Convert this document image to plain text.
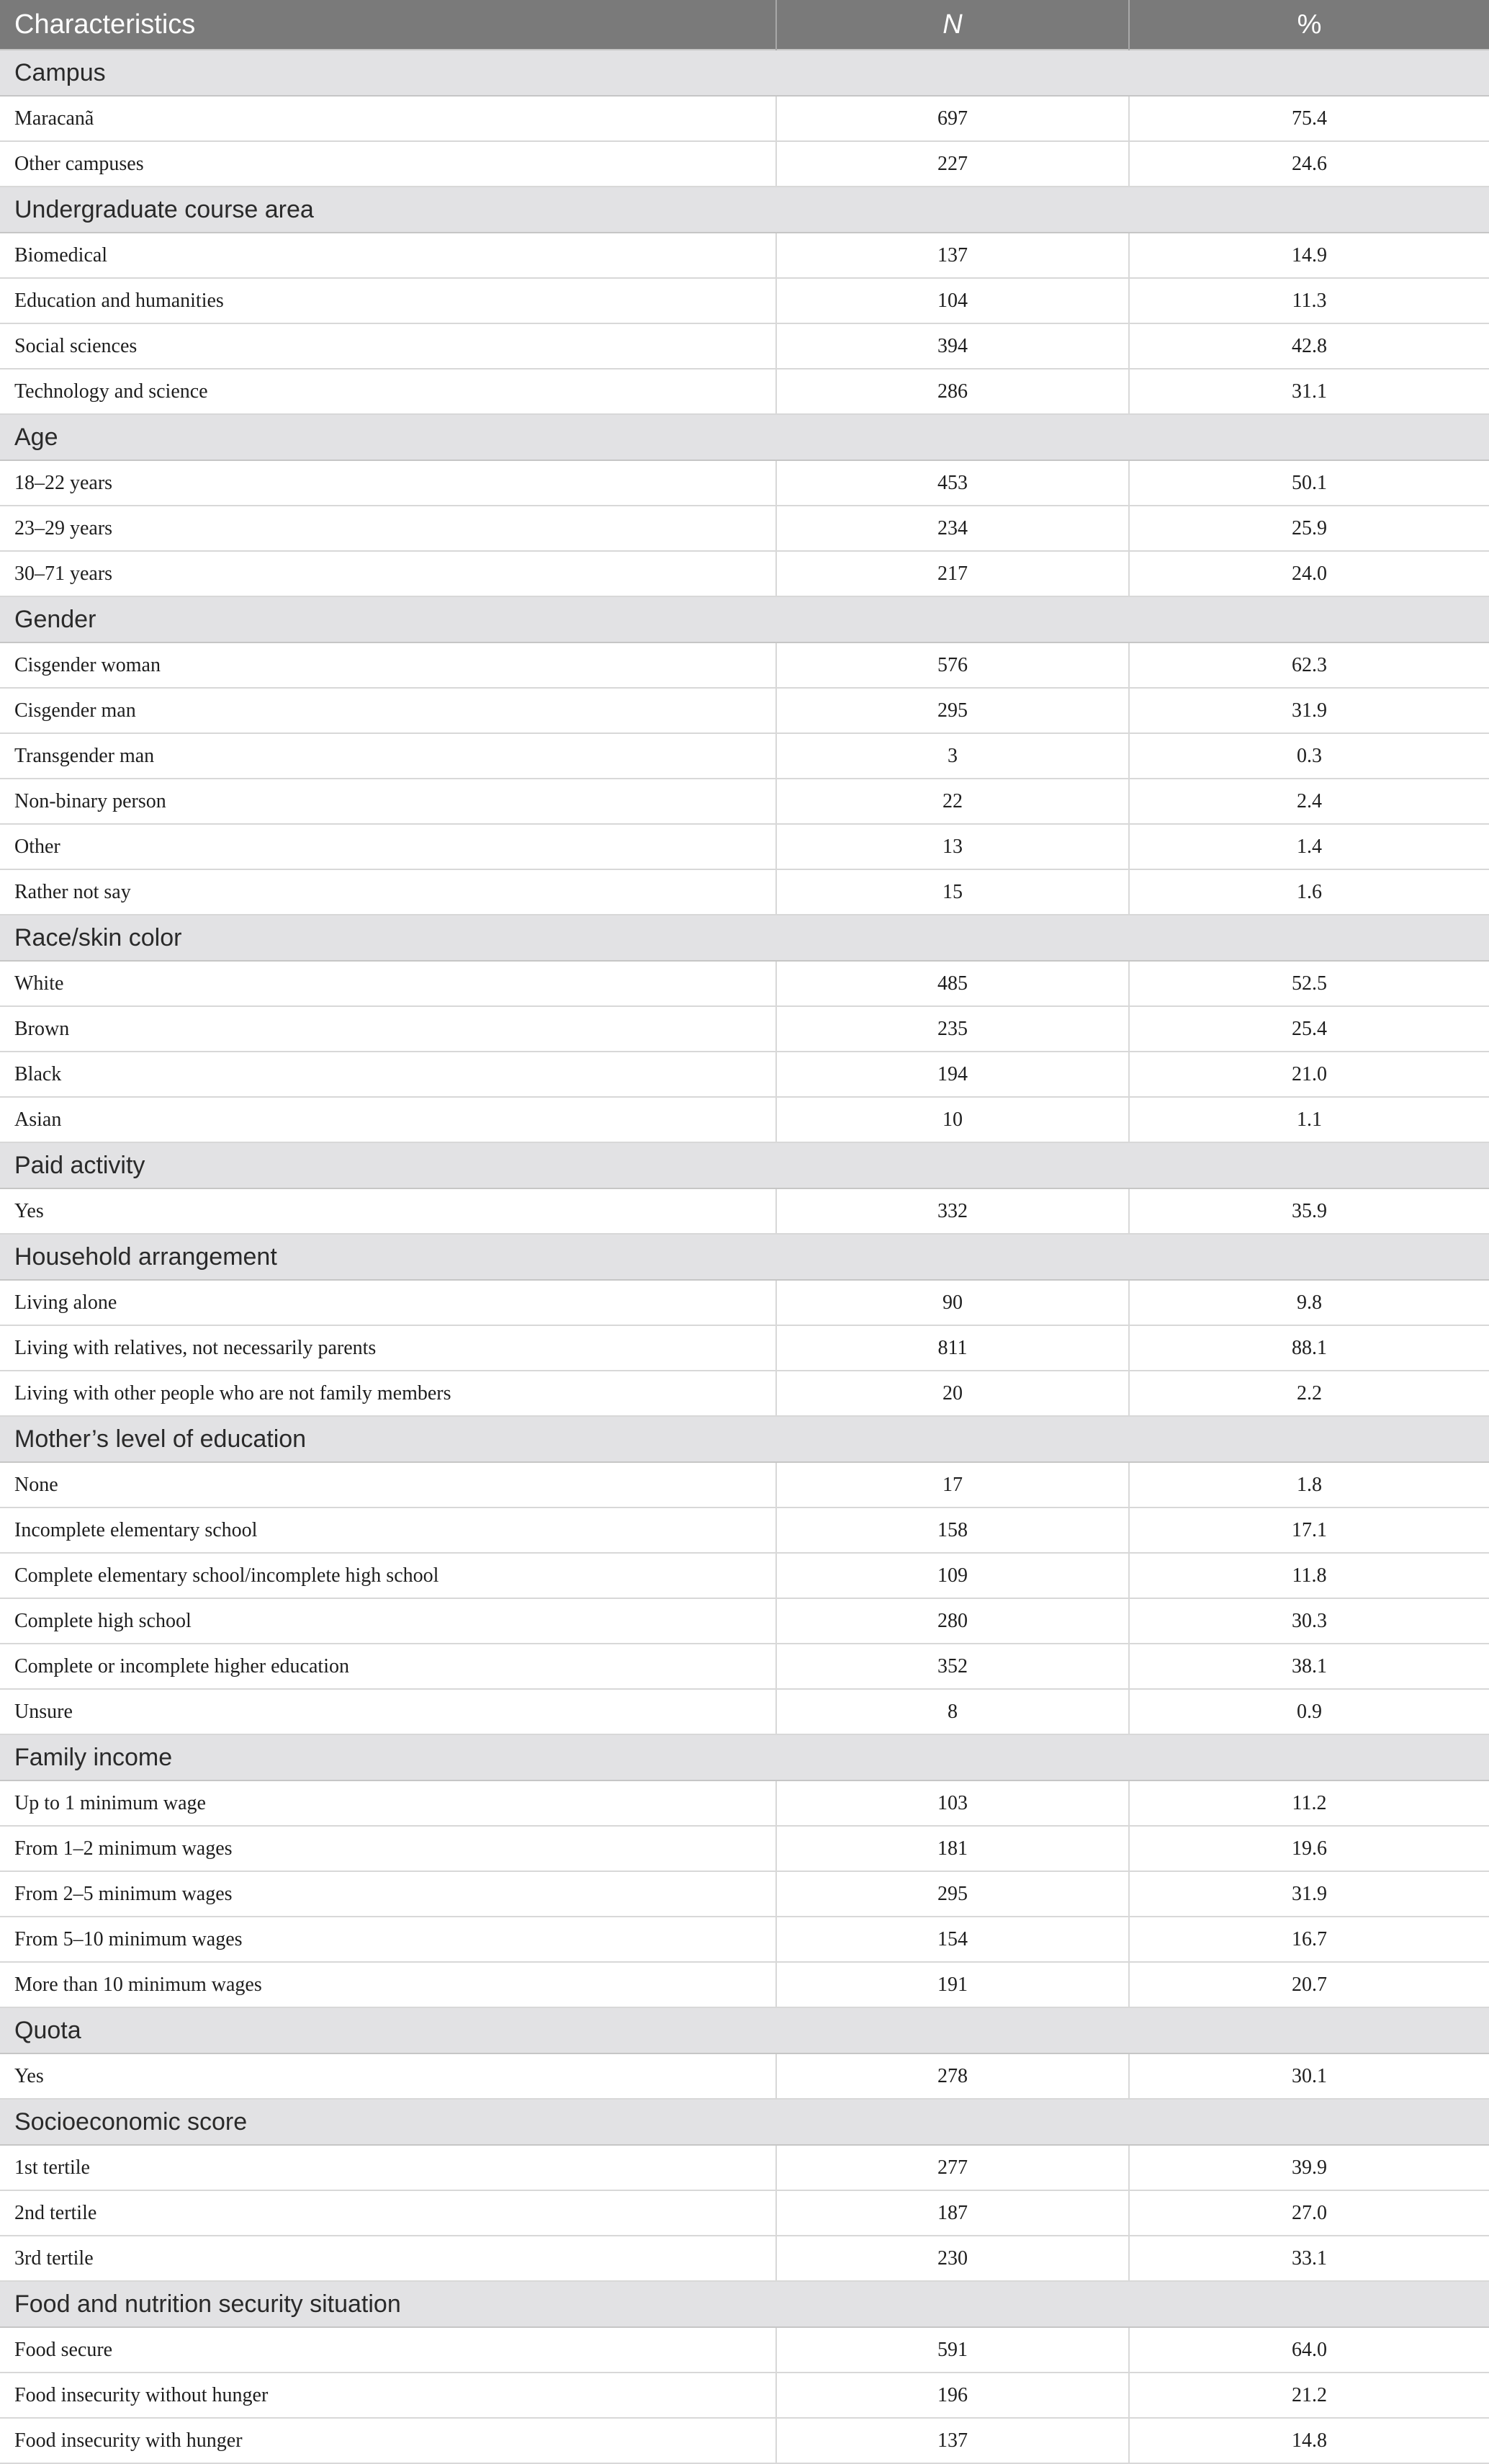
Characteristics	N	%
Campus		
Maracanã	697	75.4
Other campuses	227	24.6
Undergraduate course area		
Biomedical	137	14.9
Education and humanities	104	11.3
Social sciences	394	42.8
Technology and science	286	31.1
Age		
18–22 years	453	50.1
23–29 years	234	25.9
30–71 years	217	24.0
Gender		
Cisgender woman	576	62.3
Cisgender man	295	31.9
Transgender man	3	0.3
Non-binary person	22	2.4
Other	13	1.4
Rather not say	15	1.6
Race/skin color		
White	485	52.5
Brown	235	25.4
Black	194	21.0
Asian	10	1.1
Paid activity		
Yes	332	35.9
Household arrangement		
Living alone	90	9.8
Living with relatives, not necessarily parents	811	88.1
Living with other people who are not family members	20	2.2
Mother’s level of education		
None	17	1.8
Incomplete elementary school	158	17.1
Complete elementary school/incomplete high school	109	11.8
Complete high school	280	30.3
Complete or incomplete higher education	352	38.1
Unsure	8	0.9
Family income		
Up to 1 minimum wage	103	11.2
From 1–2 minimum wages	181	19.6
From 2–5 minimum wages	295	31.9
From 5–10 minimum wages	154	16.7
More than 10 minimum wages	191	20.7
Quota		
Yes	278	30.1
Socioeconomic score		
1st tertile	277	39.9
2nd tertile	187	27.0
3rd tertile	230	33.1
Food and nutrition security situation		
Food secure	591	64.0
Food insecurity without hunger	196	21.2
Food insecurity with hunger	137	14.8
